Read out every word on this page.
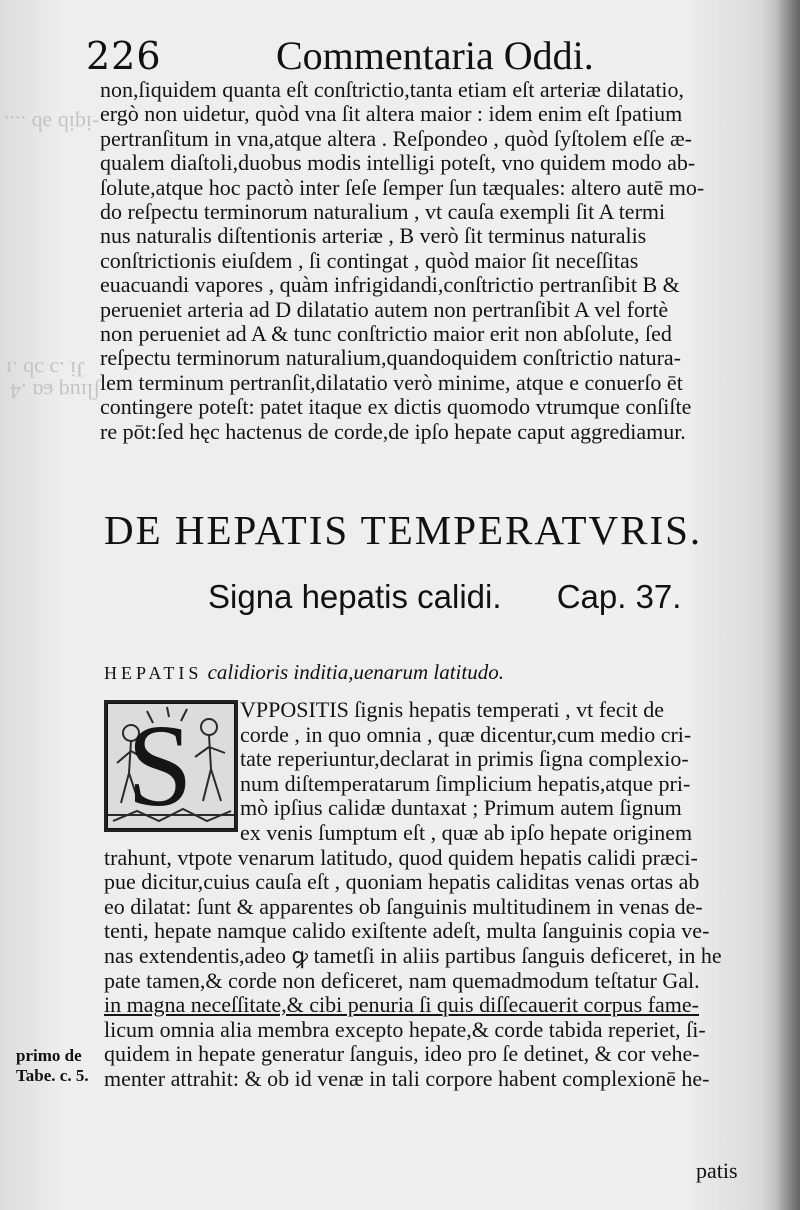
226	Commentaria Oddi.
-iqib əb ....
Ji .ɔ ɔb .ɪ
ʃlıuq ɕɑ .4
non,ſiquidem quanta eſt conſtrictio,tanta etiam eſt arteriæ dilatatio,
ergò non uidetur, quòd vna ſit altera maior : idem enim eſt ſpatium
pertranſitum in vna,atque altera . Reſpondeo , quòd ſyſtolem eſſe æ-
qualem diaſtoli,duobus modis intelligi poteſt, vno quidem modo ab-
ſolute,atque hoc pactò inter ſeſe ſemper ſun tæquales: altero autē mo-
do reſpectu terminorum naturalium , vt cauſa exempli ſit A termi
nus naturalis diſtentionis arteriæ , B verò ſit terminus naturalis
conſtrictionis eiuſdem , ſi contingat , quòd maior ſit neceſſitas
euacuandi vapores , quàm infrigidandi,conſtrictio pertranſibit B &
perueniet arteria ad D dilatatio autem non pertranſibit A vel fortè
non perueniet ad A & tunc conſtrictio maior erit non abſolute, ſed
reſpectu terminorum naturalium,quandoquidem conſtrictio natura-
lem terminum pertranſit,dilatatio verò minime, atque e conuerſo ēt
contingere poteſt: patet itaque ex dictis quomodo vtrumque conſiſte
re pōt:ſed hęc hactenus de corde,de ipſo hepate caput aggrediamur.
DE HEPATIS TEMPERATVRIS.
Signa hepatis calidi. Cap. 37.
HEPATIS calidioris inditia,uenarum latitudo.
VPPOSITIS ſignis hepatis temperati , vt fecit de
corde , in quo omnia , quæ dicentur,cum medio cri-
tate reperiuntur,declarat in primis ſigna complexio-
num diſtemperatarum ſimplicium hepatis,atque pri-
mò ipſius calidæ duntaxat ; Primum autem ſignum
ex venis ſumptum eſt , quæ ab ipſo hepate originem
trahunt, vtpote venarum latitudo, quod quidem hepatis calidi præci-
pue dicitur,cuius cauſa eſt , quoniam hepatis caliditas venas ortas ab
eo dilatat: ſunt & apparentes ob ſanguinis multitudinem in venas de-
tenti, hepate namque calido exiſtente adeſt, multa ſanguinis copia ve-
nas extendentis,adeo ꝙ tametſi in aliis partibus ſanguis deficeret, in he
pate tamen,& corde non deficeret, nam quemadmodum teſtatur Gal.
in magna neceſſitate,& cibi penuria ſi quis diſſecauerit corpus fame-
licum omnia alia membra excepto hepate,& corde tabida reperiet, ſi-
quidem in hepate generatur ſanguis, ideo pro ſe detinet, & cor vehe-
menter attrahit: & ob id venæ in tali corpore habent complexionē he-
S
primo de
Tabe. c. 5.
patis
